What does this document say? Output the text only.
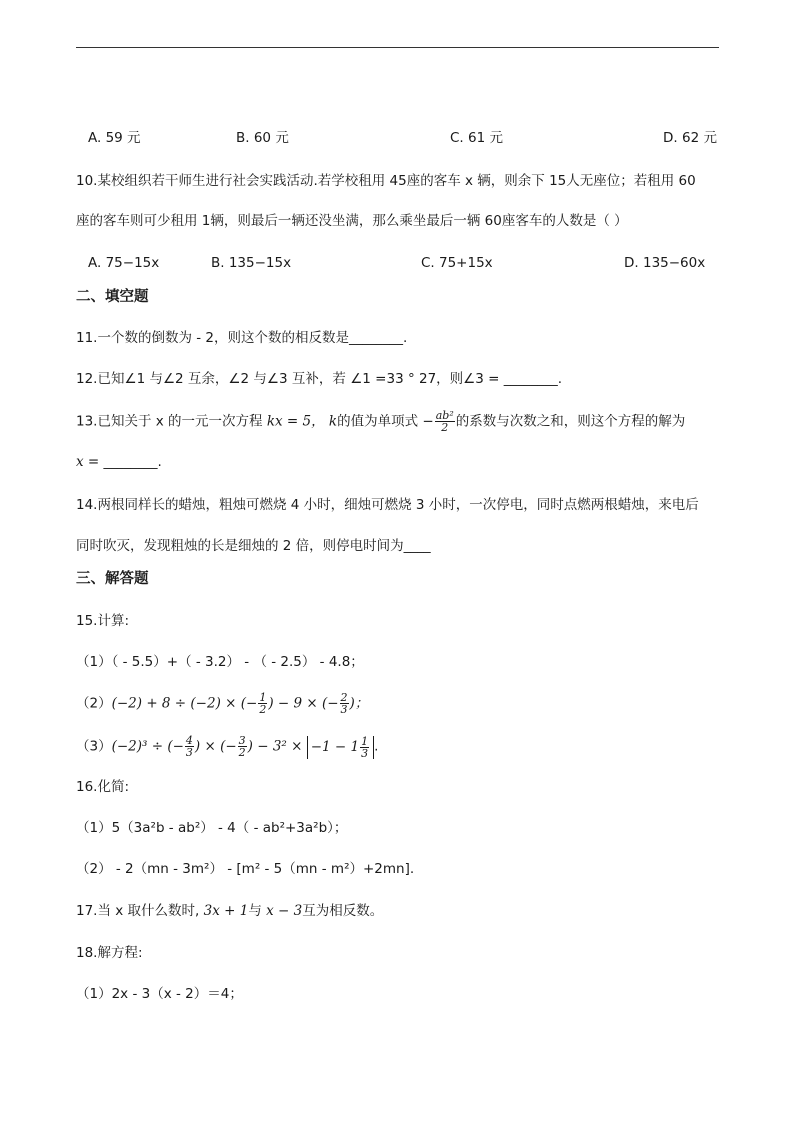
A. 59 元	B. 60 元	C. 61 元	D. 62 元
10.某校组织若干师生进行社会实践活动.若学校租用 45座的客车 x 辆，则余下 15人无座位；若租用 60
座的客车则可少租用 1辆，则最后一辆还没坐满，那么乘坐最后一辆 60座客车的人数是（ ）
A. 75−15x	B. 135−15x	C. 75+15x	D. 135−60x
二、填空题
11.一个数的倒数为 - 2，则这个数的相反数是________.
12.已知∠1 与∠2 互余，∠2 与∠3 互补，若 ∠1 =33 ° 27，则∠3 = ________.
13.已知关于 x 的一元一次方程 kx = 5， k的值为单项式 − $\frac{\text{ab²}}{2}$ 的系数与次数之和，则这个方程的解为
x = ________.
14.两根同样长的蜡烛，粗烛可燃烧 4 小时，细烛可燃烧 3 小时，一次停电，同时点燃两根蜡烛，来电后
同时吹灭，发现粗烛的长是细烛的 2 倍，则停电时间为____
三、解答题
15.计算:
（1）（ - 5.5）+（ - 3.2） - （ - 2.5） - 4.8；
（2）(−2) + 8 ÷ (−2) × (− $\frac{1}{2}$ ) − 9 × (− $\frac{2}{3}$ )；
（3）(−2)³ ÷ (− $\frac{4}{3}$ ) × (− $\frac{3}{2}$ ) − $3^2 \times -1 - 1 \frac{1}{3}$ .
16.化简:
（1）5（3a²b - ab²） - 4（ - ab²+3a²b）；
（2） - 2（mn - 3m²） - [m² - 5（mn - m²）+2mn].
17.当 x 取什么数时, 3x + 1与 x − 3互为相反数。
18.解方程:
（1）2x - 3（x - 2）＝4；
